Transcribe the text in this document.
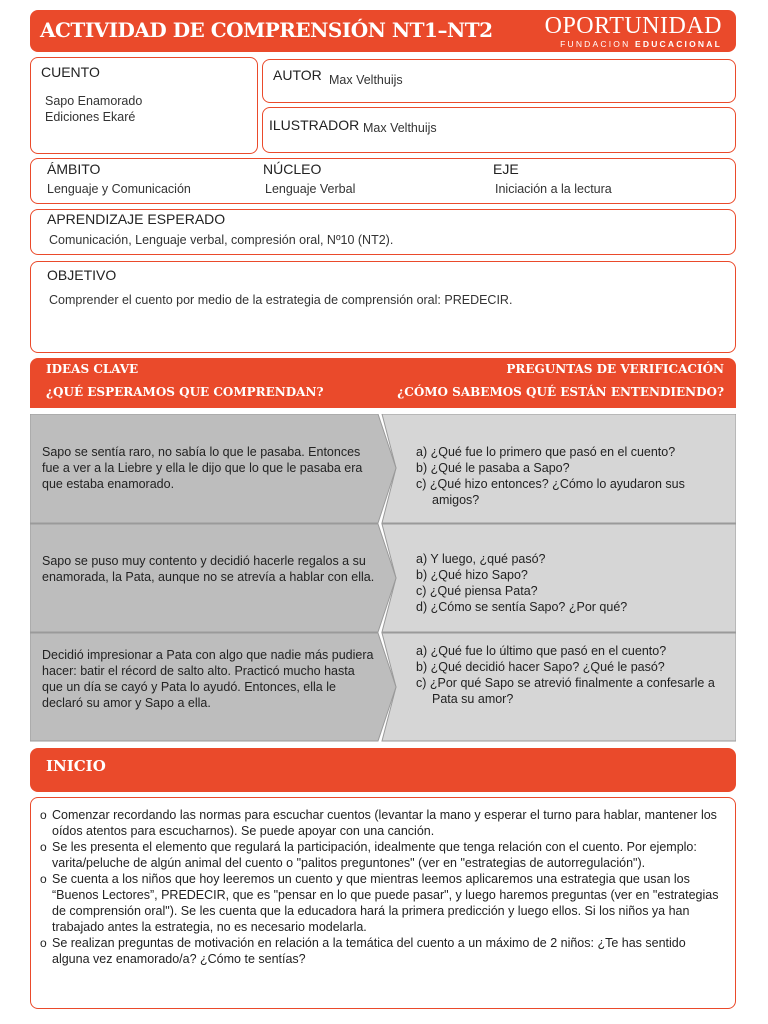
ACTIVIDAD DE COMPRENSIÓN NT1–NT2 OPORTUNIDAD
FUNDACION EDUCACIONAL
CUENTO
Sapo Enamorado
Ediciones Ekaré
AUTOR Max Velthuijs
ILUSTRADOR Max Velthuijs
ÁMBITO
Lenguaje y Comunicación
NÚCLEO
Lenguaje Verbal
EJE
Iniciación a la lectura
APRENDIZAJE ESPERADO
Comunicación, Lenguaje verbal, compresión oral, Nº10 (NT2).
OBJETIVO
Comprender el cuento por medio de la estrategia de comprensión oral: PREDECIR.
IDEAS CLAVE
¿QUÉ ESPERAMOS QUE COMPRENDAN?
PREGUNTAS DE VERIFICACIÓN
¿CÓMO SABEMOS QUÉ ESTÁN ENTENDIENDO?
Sapo se sentía raro, no sabía lo que le pasaba. Entonces fue a ver a la Liebre y ella le dijo que lo que le pasaba era que estaba enamorado.
a) ¿Qué fue lo primero que pasó en el cuento?
b) ¿Qué le pasaba a Sapo?
c) ¿Qué hizo entonces? ¿Cómo lo ayudaron sus amigos?
Sapo se puso muy contento y decidió hacerle regalos a su enamorada, la Pata, aunque no se atrevía a hablar con ella.
a) Y luego, ¿qué pasó?
b) ¿Qué hizo Sapo?
c) ¿Qué piensa Pata?
d) ¿Cómo se sentía Sapo? ¿Por qué?
Decidió impresionar a Pata con algo que nadie más pudiera hacer: batir el récord de salto alto. Practicó mucho hasta que un día se cayó y Pata lo ayudó. Entonces, ella le declaró su amor y Sapo a ella.
a) ¿Qué fue lo último que pasó en el cuento?
b) ¿Qué decidió hacer Sapo? ¿Qué le pasó?
c) ¿Por qué Sapo se atrevió finalmente a confesarle a Pata su amor?
INICIO
o Comenzar recordando las normas para escuchar cuentos (levantar la mano y esperar el turno para hablar, mantener los oídos atentos para escucharnos). Se puede apoyar con una canción.
o Se les presenta el elemento que regulará la participación, idealmente que tenga relación con el cuento. Por ejemplo: varita/peluche de algún animal del cuento o "palitos preguntones" (ver en "estrategias de autorregulación").
o Se cuenta a los niños que hoy leeremos un cuento y que mientras leemos aplicaremos una estrategia que usan los “Buenos Lectores”, PREDECIR, que es "pensar en lo que puede pasar", y luego haremos preguntas (ver en "estrategias de comprensión oral"). Se les cuenta que la educadora hará la primera predicción y luego ellos. Si los niños ya han trabajado antes la estrategia, no es necesario modelarla.
o Se realizan preguntas de motivación en relación a la temática del cuento a un máximo de 2 niños: ¿Te has sentido alguna vez enamorado/a? ¿Cómo te sentías?
